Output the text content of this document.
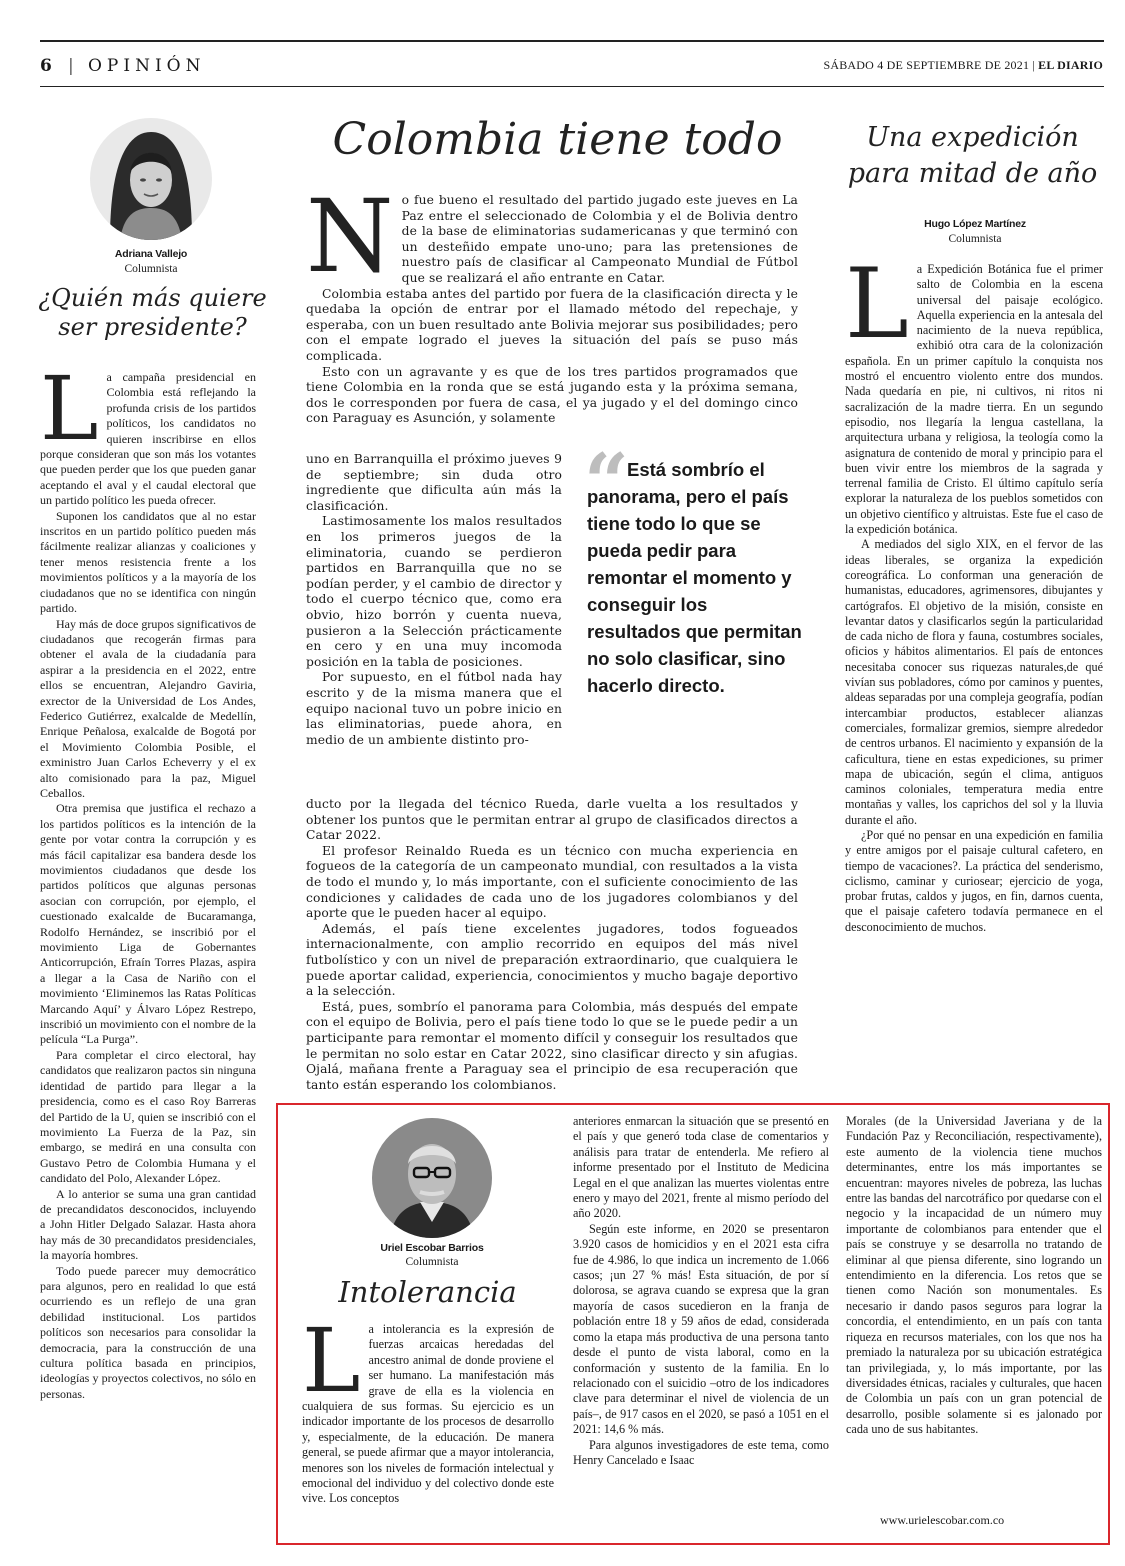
6 | OPINIÓN	SÁBADO 4 DE SEPTIEMBRE DE 2021 | EL DIARIO
Adriana Vallejo
Columnista
¿Quién más quiere ser presidente?

La campaña presidencial en Colombia está reflejando la profunda crisis de los partidos políticos, los candidatos no quieren inscribirse en ellos porque consideran que son más los votantes que pueden perder que los que pueden ganar aceptando el aval y el caudal electoral que un partido político les pueda ofrecer.

Suponen los candidatos que al no estar inscritos en un partido político pueden más fácilmente realizar alianzas y coaliciones y tener menos resistencia frente a los movimientos políticos y a la mayoría de los ciudadanos que no se identifica con ningún partido.

Hay más de doce grupos significativos de ciudadanos que recogerán firmas para obtener el avala de la ciudadanía para aspirar a la presidencia en el 2022, entre ellos se encuentran, Alejandro Gaviria, exrector de la Universidad de Los Andes, Federico Gutiérrez, exalcalde de Medellín, Enrique Peñalosa, exalcalde de Bogotá por el Movimiento Colombia Posible, el exministro Juan Carlos Echeverry y el ex alto comisionado para la paz, Miguel Ceballos.

Otra premisa que justifica el rechazo a los partidos políticos es la intención de la gente por votar contra la corrupción y es más fácil capitalizar esa bandera desde los movimientos ciudadanos que desde los partidos políticos que algunas personas asocian con corrupción, por ejemplo, el cuestionado exalcalde de Bucaramanga, Rodolfo Hernández, se inscribió por el movimiento Liga de Gobernantes Anticorrupción, Efraín Torres Plazas, aspira a llegar a la Casa de Nariño con el movimiento ‘Eliminemos las Ratas Políticas Marcando Aquí’ y Álvaro López Restrepo, inscribió un movimiento con el nombre de la película “La Purga”.

Para completar el circo electoral, hay candidatos que realizaron pactos sin ninguna identidad de partido para llegar a la presidencia, como es el caso Roy Barreras del Partido de la U, quien se inscribió con el movimiento La Fuerza de la Paz, sin embargo, se medirá en una consulta con Gustavo Petro de Colombia Humana y el candidato del Polo, Alexander López.

A lo anterior se suma una gran cantidad de precandidatos desconocidos, incluyendo a John Hitler Delgado Salazar. Hasta ahora hay más de 30 precandidatos presidenciales, la mayoría hombres.

Todo puede parecer muy democrático para algunos, pero en realidad lo que está ocurriendo es un reflejo de una gran debilidad institucional. Los partidos políticos son necesarios para consolidar la democracia, para la construcción de una cultura política basada en principios, ideologías y proyectos colectivos, no sólo en personas.

Colombia tiene todo

No fue bueno el resultado del partido jugado este jueves en La Paz entre el seleccionado de Colombia y el de Bolivia dentro de la base de eliminatorias sudamericanas y que terminó con un desteñido empate uno-uno; para las pretensiones de nuestro país de clasificar al Campeonato Mundial de Fútbol que se realizará el año entrante en Catar.

Colombia estaba antes del partido por fuera de la clasificación directa y le quedaba la opción de entrar por el llamado método del repechaje, y esperaba, con un buen resultado ante Bolivia mejorar sus posibilidades; pero con el empate logrado el jueves la situación del país se puso más complicada.

Esto con un agravante y es que de los tres partidos programados que tiene Colombia en la ronda que se está jugando esta y la próxima semana, dos le corresponden por fuera de casa, el ya jugado y el del domingo cinco con Paraguay es Asunción, y solamente

uno en Barranquilla el próximo jueves 9 de septiembre; sin duda otro ingrediente que dificulta aún más la clasificación.

Lastimosamente los malos resultados en los primeros juegos de la eliminatoria, cuando se perdieron partidos en Barranquilla que no se podían perder, y el cambio de director y todo el cuerpo técnico que, como era obvio, hizo borrón y cuenta nueva, pusieron a la Selección prácticamente en cero y en una muy incomoda posición en la tabla de posiciones.

Por supuesto, en el fútbol nada hay escrito y de la misma manera que el equipo nacional tuvo un pobre inicio en las eliminatorias, puede ahora, en medio de un ambiente distinto pro-

“
Está sombrío el panorama, pero el país tiene todo lo que se pueda pedir para remontar el momento y conseguir los resultados que permitan no solo clasificar, sino hacerlo directo.

ducto por la llegada del técnico Rueda, darle vuelta a los resultados y obtener los puntos que le permitan entrar al grupo de clasificados directos a Catar 2022.

El profesor Reinaldo Rueda es un técnico con mucha experiencia en fogueos de la categoría de un campeonato mundial, con resultados a la vista de todo el mundo y, lo más importante, con el suficiente conocimiento de las condiciones y calidades de cada uno de los jugadores colombianos y del aporte que le pueden hacer al equipo.

Además, el país tiene excelentes jugadores, todos fogueados internacionalmente, con amplio recorrido en equipos del más nivel futbolístico y con un nivel de preparación extraordinario, que cualquiera le puede aportar calidad, experiencia, conocimientos y mucho bagaje deportivo a la selección.

Está, pues, sombrío el panorama para Colombia, más después del empate con el equipo de Bolivia, pero el país tiene todo lo que se le puede pedir a un participante para remontar el momento difícil y conseguir los resultados que le permitan no solo estar en Catar 2022, sino clasificar directo y sin afugias. Ojalá, mañana frente a Paraguay sea el principio de esa recuperación que tanto están esperando los colombianos.

Una expedición para mitad de año
Hugo López Martínez
Columnista

La Expedición Botánica fue el primer salto de Colombia en la escena universal del paisaje ecológico. Aquella experiencia en la antesala del nacimiento de la nueva república, exhibió otra cara de la colonización española. En un primer capítulo la conquista nos mostró el encuentro violento entre dos mundos. Nada quedaría en pie, ni cultivos, ni ritos ni sacralización de la madre tierra. En un segundo episodio, nos llegaría la lengua castellana, la arquitectura urbana y religiosa, la teología como la asignatura de contenido de moral y principio para el buen vivir entre los miembros de la sagrada y terrenal familia de Cristo. El último capítulo sería explorar la naturaleza de los pueblos sometidos con un objetivo científico y altruistas. Este fue el caso de la expedición botánica.

A mediados del siglo XIX, en el fervor de las ideas liberales, se organiza la expedición coreográfica. Lo conforman una generación de humanistas, educadores, agrimensores, dibujantes y cartógrafos. El objetivo de la misión, consiste en levantar datos y clasificarlos según la particularidad de cada nicho de flora y fauna, costumbres sociales, oficios y hábitos alimentarios. El país de entonces necesitaba conocer sus riquezas naturales,de qué vivían sus pobladores, cómo por caminos y puentes, aldeas separadas por una compleja geografía, podían intercambiar productos, establecer alianzas comerciales, formalizar gremios, siempre alrededor de centros urbanos. El nacimiento y expansión de la caficultura, tiene en estas expediciones, su primer mapa de ubicación, según el clima, antiguos caminos coloniales, temperatura media entre montañas y valles, los caprichos del sol y la lluvia durante el año.

¿Por qué no pensar en una expedición en familia y entre amigos por el paisaje cultural cafetero, en tiempo de vacaciones?. La práctica del senderismo, ciclismo, caminar y curiosear; ejercicio de yoga, probar frutas, caldos y jugos, en fin, darnos cuenta, que el paisaje cafetero todavía permanece en el desconocimiento de muchos.

Uriel Escobar Barrios
Columnista
Intolerancia

La intolerancia es la expresión de fuerzas arcaicas heredadas del ancestro animal de donde proviene el ser humano. La manifestación más grave de ella es la violencia en cualquiera de sus formas. Su ejercicio es un indicador importante de los procesos de desarrollo y, especialmente, de la educación. De manera general, se puede afirmar que a mayor intolerancia, menores son los niveles de formación intelectual y emocional del individuo y del colectivo donde este vive. Los conceptos

anteriores enmarcan la situación que se presentó en el país y que generó toda clase de comentarios y análisis para tratar de entenderla. Me refiero al informe presentado por el Instituto de Medicina Legal en el que analizan las muertes violentas entre enero y mayo del 2021, frente al mismo período del año 2020.

Según este informe, en 2020 se presentaron 3.920 casos de homicidios y en el 2021 esta cifra fue de 4.986, lo que indica un incremento de 1.066 casos; ¡un 27 % más! Esta situación, de por sí dolorosa, se agrava cuando se expresa que la gran mayoría de casos sucedieron en la franja de población entre 18 y 59 años de edad, considerada como la etapa más productiva de una persona tanto desde el punto de vista laboral, como en la conformación y sustento de la familia. En lo relacionado con el suicidio –otro de los indicadores clave para determinar el nivel de violencia de un país–, de 917 casos en el 2020, se pasó a 1051 en el 2021: 14,6 % más.

Para algunos investigadores de este tema, como Henry Cancelado e Isaac

Morales (de la Universidad Javeriana y de la Fundación Paz y Reconciliación, respectivamente), este aumento de la violencia tiene muchos determinantes, entre los más importantes se encuentran: mayores niveles de pobreza, las luchas entre las bandas del narcotráfico por quedarse con el negocio y la incapacidad de un número muy importante de colombianos para entender que el país se construye y se desarrolla no tratando de eliminar al que piensa diferente, sino logrando un entendimiento en la diferencia. Los retos que se tienen como Nación son monumentales. Es necesario ir dando pasos seguros para lograr la concordia, el entendimiento, en un país con tanta riqueza en recursos materiales, con los que nos ha premiado la naturaleza por su ubicación estratégica tan privilegiada, y, lo más importante, por las diversidades étnicas, raciales y culturales, que hacen de Colombia un país con un gran potencial de desarrollo, posible solamente si es jalonado por cada uno de sus habitantes.

www.urielescobar.com.co
